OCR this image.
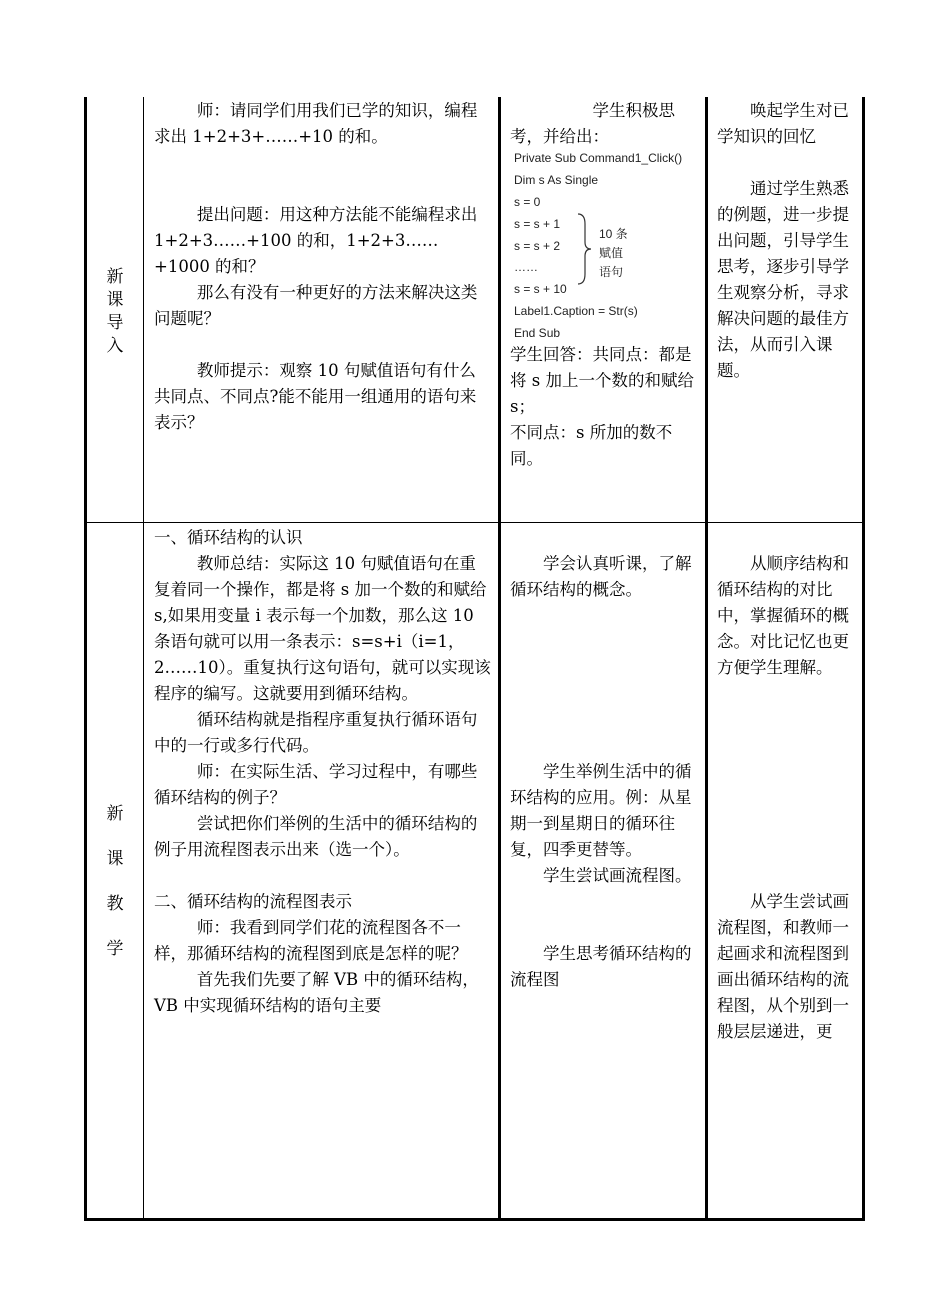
新
课
导
入

师：请同学们用我们已学的知识，编程求出 1+2+3+……+10 的和。

提出问题：用这种方法能不能编程求出 1+2+3……+100 的和，1+2+3……+1000 的和？

那么有没有一种更好的方法来解决这类问题呢？

教师提示：观察 10 句赋值语句有什么共同点、不同点?能不能用一组通用的语句来表示？

学生积极思考，并给出：

Private Sub Command1_Click()
Dim s As Single
s = 0
s = s + 1
s = s + 2
……
s = s + 10
Label1.Caption = Str(s)
End Sub
10 条
赋值
语句

学生回答：共同点：都是将 s 加上一个数的和赋给 s；

不同点：s 所加的数不同。

唤起学生对已学知识的回忆

通过学生熟悉的例题，进一步提出问题，引导学生思考，逐步引导学生观察分析，寻求解决问题的最佳方法，从而引入课题。

新
课
教
学

一、循环结构的认识

教师总结：实际这 10 句赋值语句在重复着同一个操作，都是将 s 加一个数的和赋给 s,如果用变量 i 表示每一个加数，那么这 10 条语句就可以用一条表示：s=s+i（i=1，2……10）。重复执行这句语句，就可以实现该程序的编写。这就要用到循环结构。

循环结构就是指程序重复执行循环语句中的一行或多行代码。

师：在实际生活、学习过程中，有哪些循环结构的例子？

尝试把你们举例的生活中的循环结构的例子用流程图表示出来（选一个）。

二、循环结构的流程图表示

师：我看到同学们花的流程图各不一样，那循环结构的流程图到底是怎样的呢？

首先我们先要了解 VB 中的循环结构，VB 中实现循环结构的语句主要

学会认真听课，了解循环结构的概念。

学生举例生活中的循环结构的应用。例：从星期一到星期日的循环往复，四季更替等。

学生尝试画流程图。

学生思考循环结构的流程图

从顺序结构和循环结构的对比中，掌握循环的概念。对比记忆也更方便学生理解。

从学生尝试画流程图，和教师一起画求和流程图到画出循环结构的流程图，从个别到一般层层递进，更
